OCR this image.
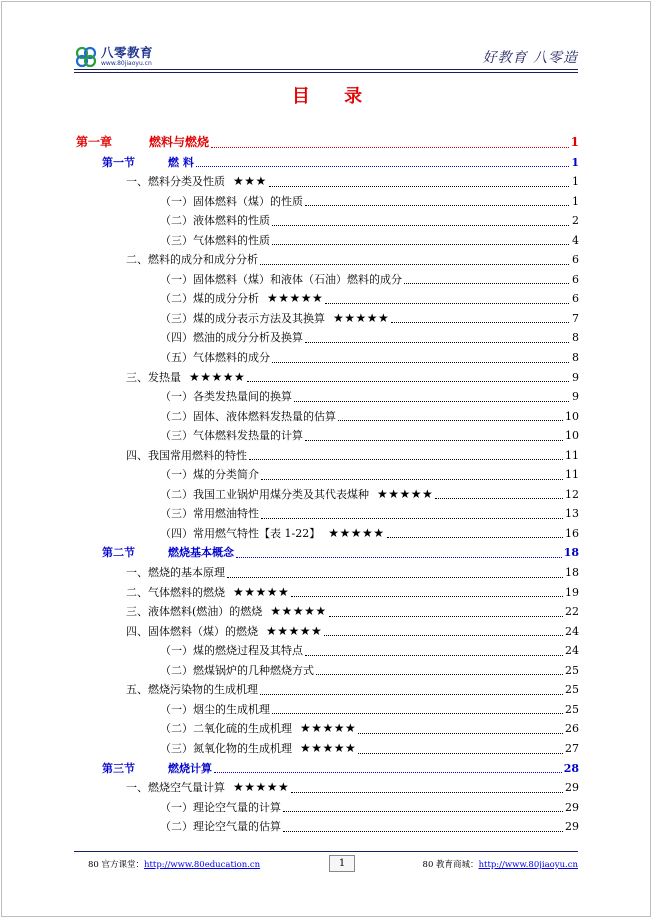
八零教育
www.80jiaoyu.cn	好教育 八零造
目 录
第一章	燃料与燃烧	1
第一节	燃 料	1
一、燃料分类及性质 ★★★	1
（一）固体燃料（煤）的性质	1
（二）液体燃料的性质	2
（三）气体燃料的性质	4
二、燃料的成分和成分分析	6
（一）固体燃料（煤）和液体（石油）燃料的成分	6
（二）煤的成分分析 ★★★★★	6
（三）煤的成分表示方法及其换算 ★★★★★	7
（四）燃油的成分分析及换算	8
（五）气体燃料的成分	8
三、发热量 ★★★★★	9
（一）各类发热量间的换算	9
（二）固体、液体燃料发热量的估算	10
（三）气体燃料发热量的计算	10
四、我国常用燃料的特性	11
（一）煤的分类简介	11
（二）我国工业锅炉用煤分类及其代表煤种 ★★★★★	12
（三）常用燃油特性	13
（四）常用燃气特性【表 1-22】 ★★★★★	16
第二节	燃烧基本概念	18
一、燃烧的基本原理	18
二、气体燃料的燃烧 ★★★★★	19
三、液体燃料(燃油）的燃烧 ★★★★★	22
四、固体燃料（煤）的燃烧 ★★★★★	24
（一）煤的燃烧过程及其特点	24
（二）燃煤锅炉的几种燃烧方式	25
五、燃烧污染物的生成机理	25
（一）烟尘的生成机理	25
（二）二氧化硫的生成机理 ★★★★★	26
（三）氮氧化物的生成机理 ★★★★★	27
第三节	燃烧计算	28
一、燃烧空气量计算 ★★★★★	29
（一）理论空气量的计算	29
（二）理论空气量的估算	29
80 官方课堂：http://www.80education.cn	1	80 教育商城：http://www.80jiaoyu.cn
